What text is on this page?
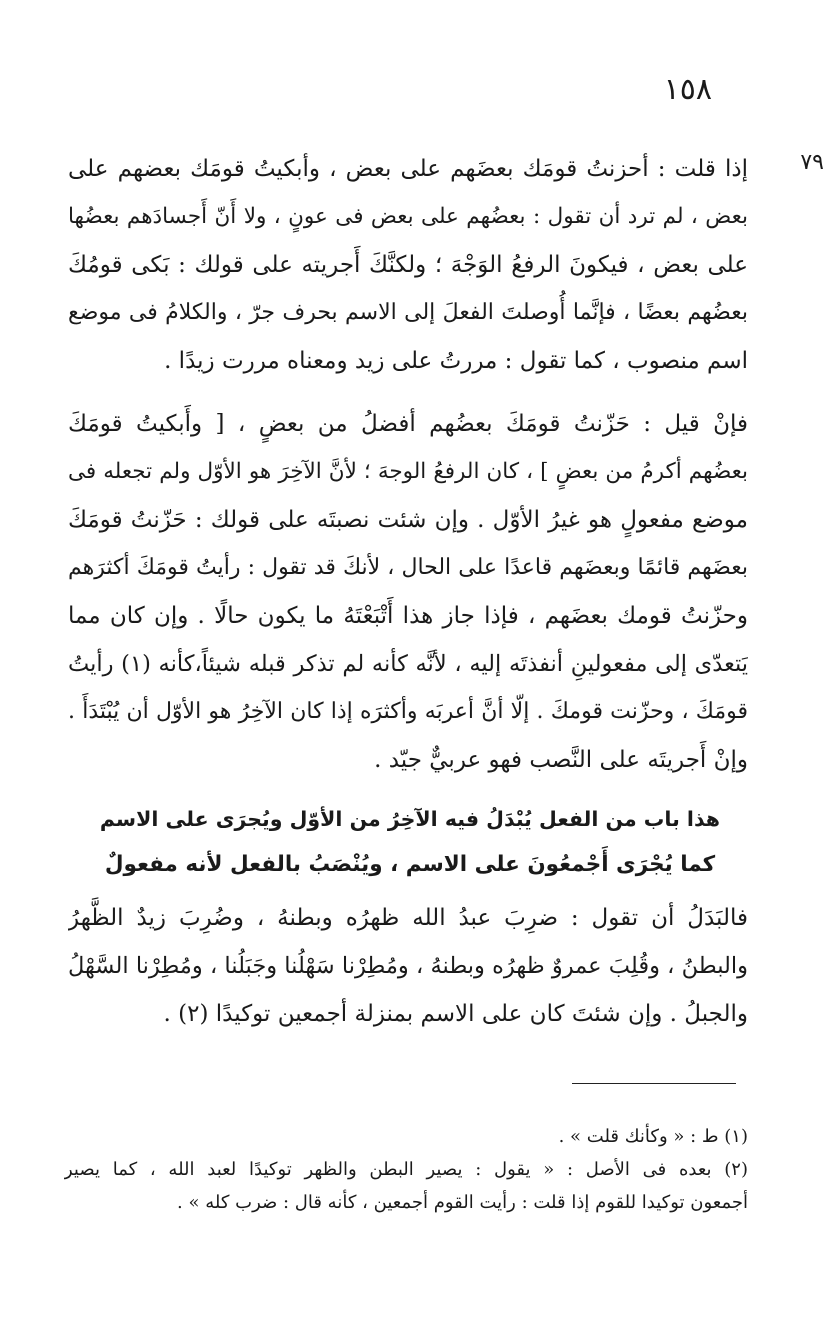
١٥٨
٧٩
إذا قلت : أحزنتُ قومَك بعضَهم على بعض ، وأبكيتُ قومَك بعضهم على
بعض ، لم ترد أن تقول : بعضُهم على بعض فى عونٍ ، ولا أَنّ أَجسادَهم بعضُها
على بعض ، فيكونَ الرفعُ الوَجْهَ ؛ ولكنَّكَ أَجريته على قولك : بَكى قومُكَ
بعضُهم بعضًا ، فإنَّما أُوصلتَ الفعلَ إلى الاسم بحرف جرّ ، والكلامُ فى موضع
اسم منصوب ، كما تقول : مررتُ على زيد ومعناه مررت زيدًا .
فإنْ قيل : حَزّنتُ قومَكَ بعضُهم أفضلُ من بعضٍ ، [ وأَبكيتُ قومَكَ
بعضُهم أكرمُ من بعضٍ ] ، كان الرفعُ الوجهَ ؛ لأنَّ الآخِرَ هو الأوّل ولم تجعله فى
موضع مفعولٍ هو غيرُ الأوّل . وإن شئت نصبتَه على قولك : حَزّنتُ قومَكَ
بعضَهم قائمًا وبعضَهم قاعدًا على الحال ، لأنكَ قد تقول : رأيتُ قومَكَ أكثرَهم
وحزّنتُ قومك بعضَهم ، فإذا جاز هذا أَتْبَعْتَهُ ما يكون حالًا . وإن كان مما
يَتعدّى إلى مفعولينِ أنفذتَه إليه ، لأنَّه كأنه لم تذكر قبله شيئاً،كأنه (١) رأيتُ
قومَكَ ، وحزّنت قومكَ . إلّا أنَّ أعربَه وأكثرَه إذا كان الآخِرُ هو الأوّل أن يُبْتَدَأَ .
وإنْ أَجريتَه على النَّصب فهو عربيٌّ جيّد .
هذا باب من الفعل يُبْدَلُ فيه الآخِرُ من الأوّل ويُجرَى على الاسم
كما يُجْرَى أَجْمعُونَ على الاسم ، ويُنْصَبُ بالفعل لأنه مفعولٌ
فالبَدَلُ أن تقول : ضرِبَ عبدُ الله ظهرُه وبطنهُ ، وضُرِبَ زيدٌ الظَّهرُ
والبطنُ ، وقُلِبَ عمروٌ ظهرُه وبطنهُ ، ومُطِرْنا سَهْلُنا وجَبَلُنا ، ومُطِرْنا السَّهْلُ
والجبلُ . وإن شئتَ كان على الاسم بمنزلة أجمعين توكيدًا (٢) .
(١) ط : « وكأنك قلت » .
(٢) بعده فى الأصل : « يقول : يصير البطن والظهر توكيدًا لعبد الله ، كما يصير
أجمعون توكيدا للقوم إذا قلت : رأيت القوم أجمعين ، كأنه قال : ضرب كله » .
